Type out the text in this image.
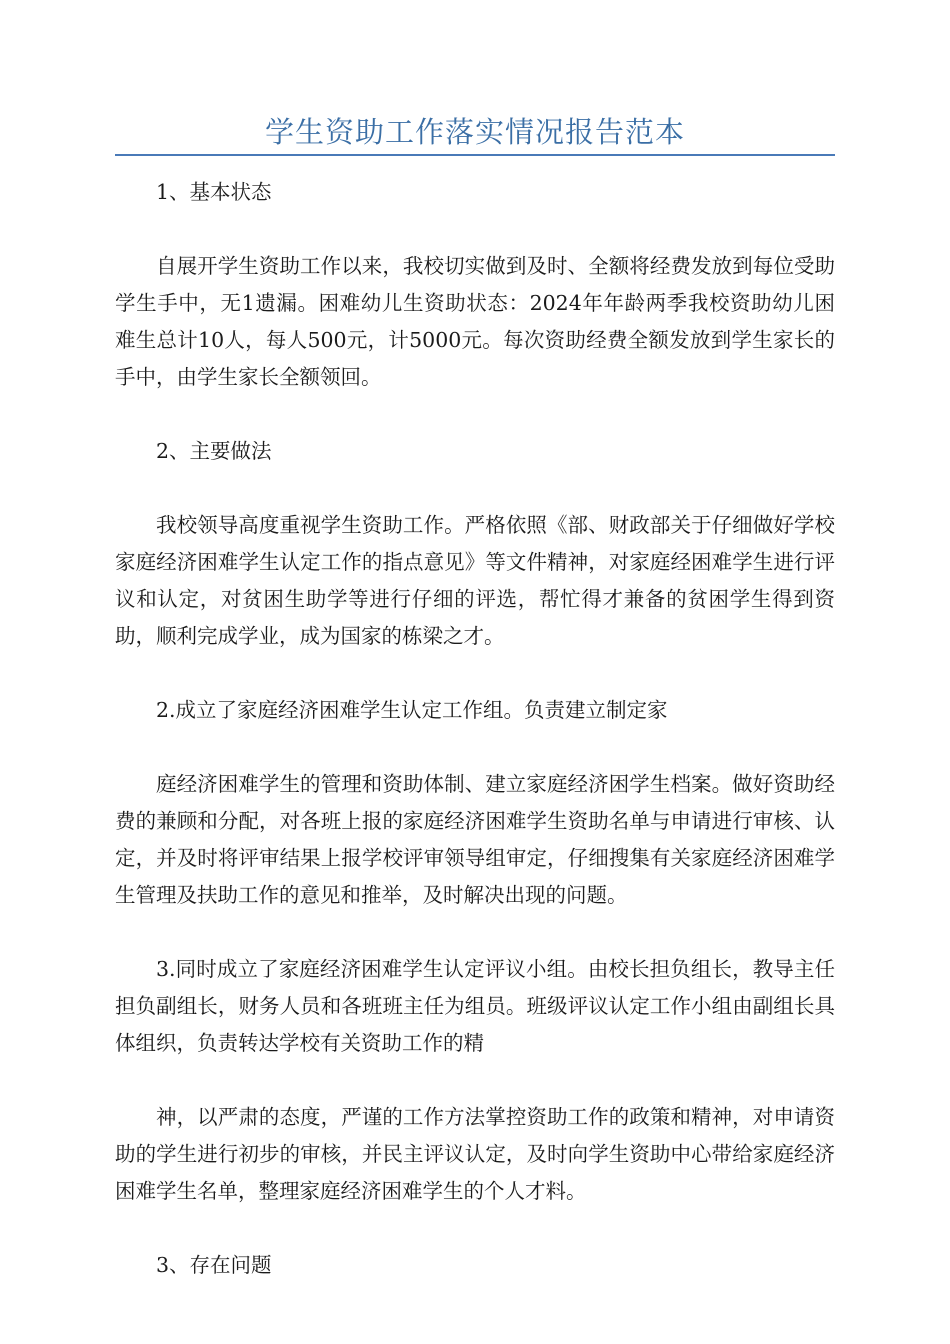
学生资助工作落实情况报告范本

1、基本状态

自展开学生资助工作以来，我校切实做到及时、全额将经费发放到每位受助学生手中，无1遗漏。困难幼儿生资助状态：2024年年龄两季我校资助幼儿困难生总计10人，每人500元，计5000元。每次资助经费全额发放到学生家长的手中，由学生家长全额领回。

2、主要做法

我校领导高度重视学生资助工作。严格依照《部、财政部关于仔细做好学校家庭经济困难学生认定工作的指点意见》等文件精神，对家庭经困难学生进行评议和认定，对贫困生助学等进行仔细的评选，帮忙得才兼备的贫困学生得到资助，顺利完成学业，成为国家的栋梁之才。

2.成立了家庭经济困难学生认定工作组。负责建立制定家

庭经济困难学生的管理和资助体制、建立家庭经济困学生档案。做好资助经费的兼顾和分配，对各班上报的家庭经济困难学生资助名单与申请进行审核、认定，并及时将评审结果上报学校评审领导组审定，仔细搜集有关家庭经济困难学生管理及扶助工作的意见和推举，及时解决出现的问题。

3.同时成立了家庭经济困难学生认定评议小组。由校长担负组长，教导主任担负副组长，财务人员和各班班主任为组员。班级评议认定工作小组由副组长具体组织，负责转达学校有关资助工作的精

神，以严肃的态度，严谨的工作方法掌控资助工作的政策和精神，对申请资助的学生进行初步的审核，并民主评议认定，及时向学生资助中心带给家庭经济困难学生名单，整理家庭经济困难学生的个人才料。

3、存在问题
